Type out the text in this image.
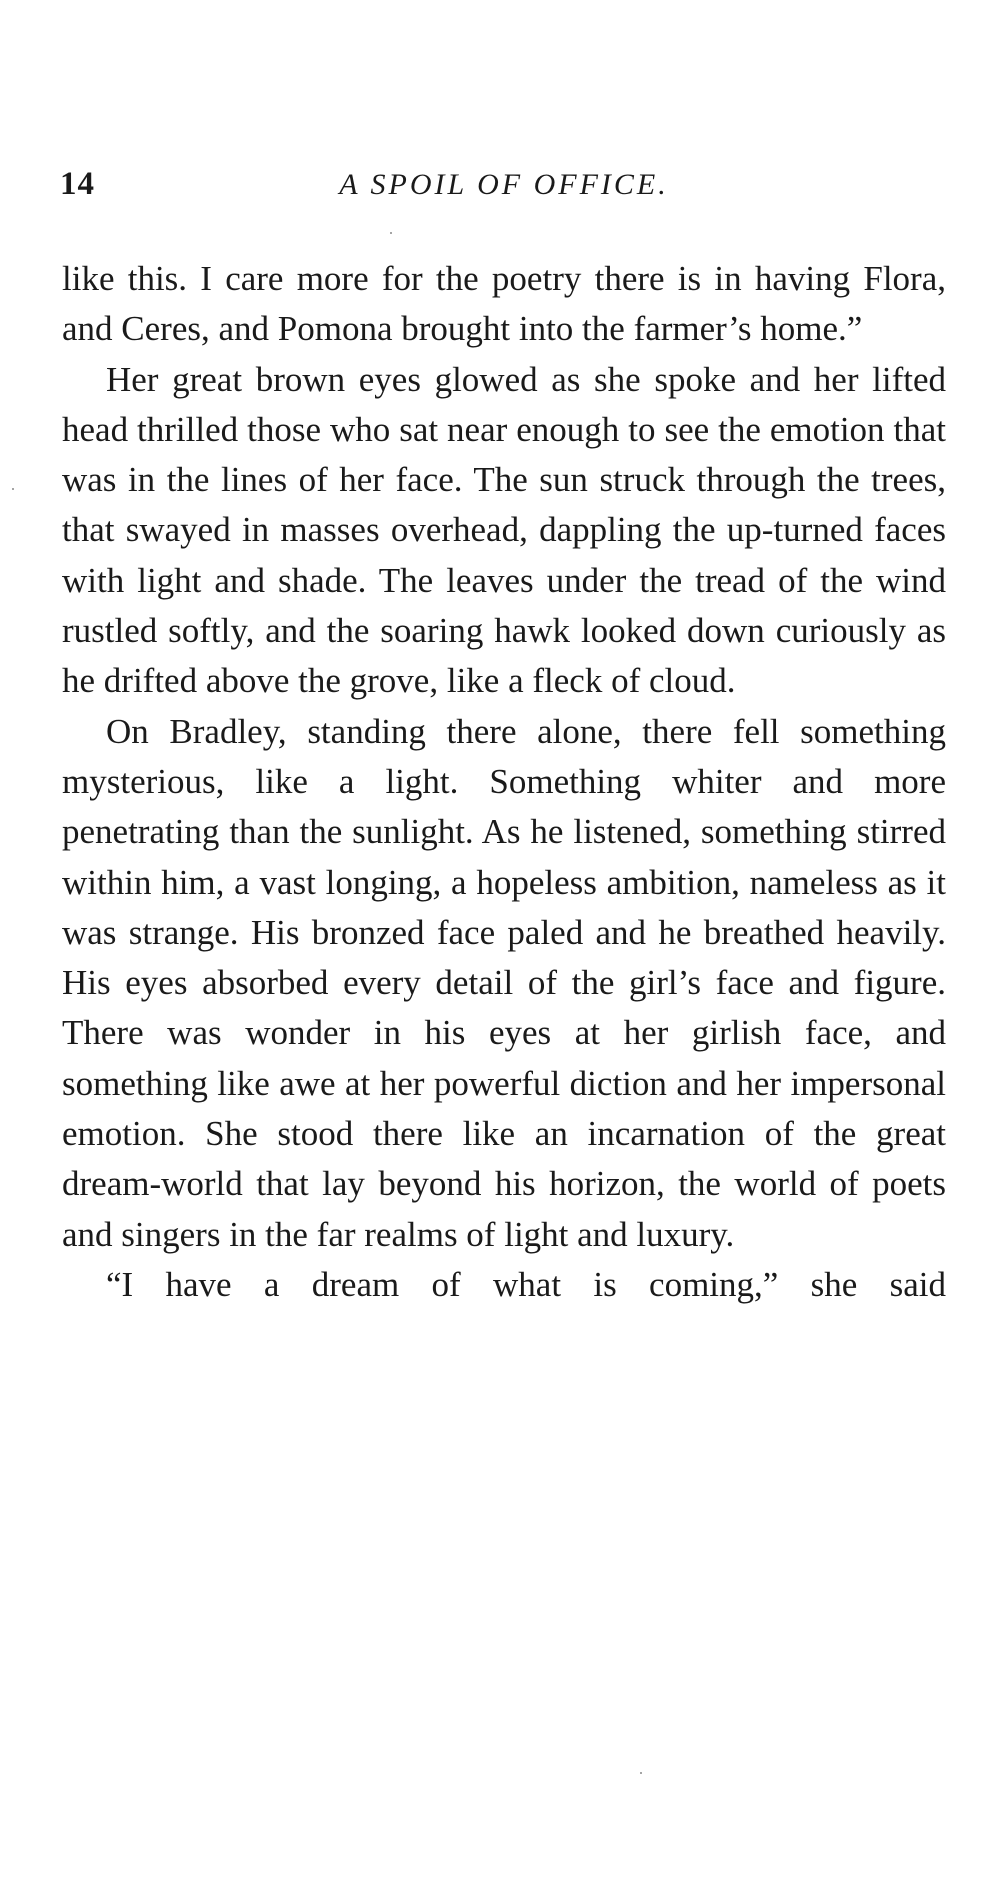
14	A SPOIL OF OFFICE.

like this. I care more for the poetry there is in having Flora, and Ceres, and Pomona brought into the farmer’s home.”

Her great brown eyes glowed as she spoke and her lifted head thrilled those who sat near enough to see the emotion that was in the lines of her face. The sun struck through the trees, that swayed in masses overhead, dappling the up-turned faces with light and shade. The leaves under the tread of the wind rustled softly, and the soaring hawk looked down curiously as he drifted above the grove, like a fleck of cloud.

On Bradley, standing there alone, there fell something mysterious, like a light. Something whiter and more penetrating than the sunlight. As he listened, something stirred within him, a vast longing, a hopeless ambition, nameless as it was strange. His bronzed face paled and he breathed heavily. His eyes absorbed every detail of the girl’s face and figure. There was wonder in his eyes at her girlish face, and something like awe at her powerful diction and her impersonal emotion. She stood there like an incarnation of the great dream-world that lay beyond his horizon, the world of poets and singers in the far realms of light and luxury.

“I have a dream of what is coming,” she said
